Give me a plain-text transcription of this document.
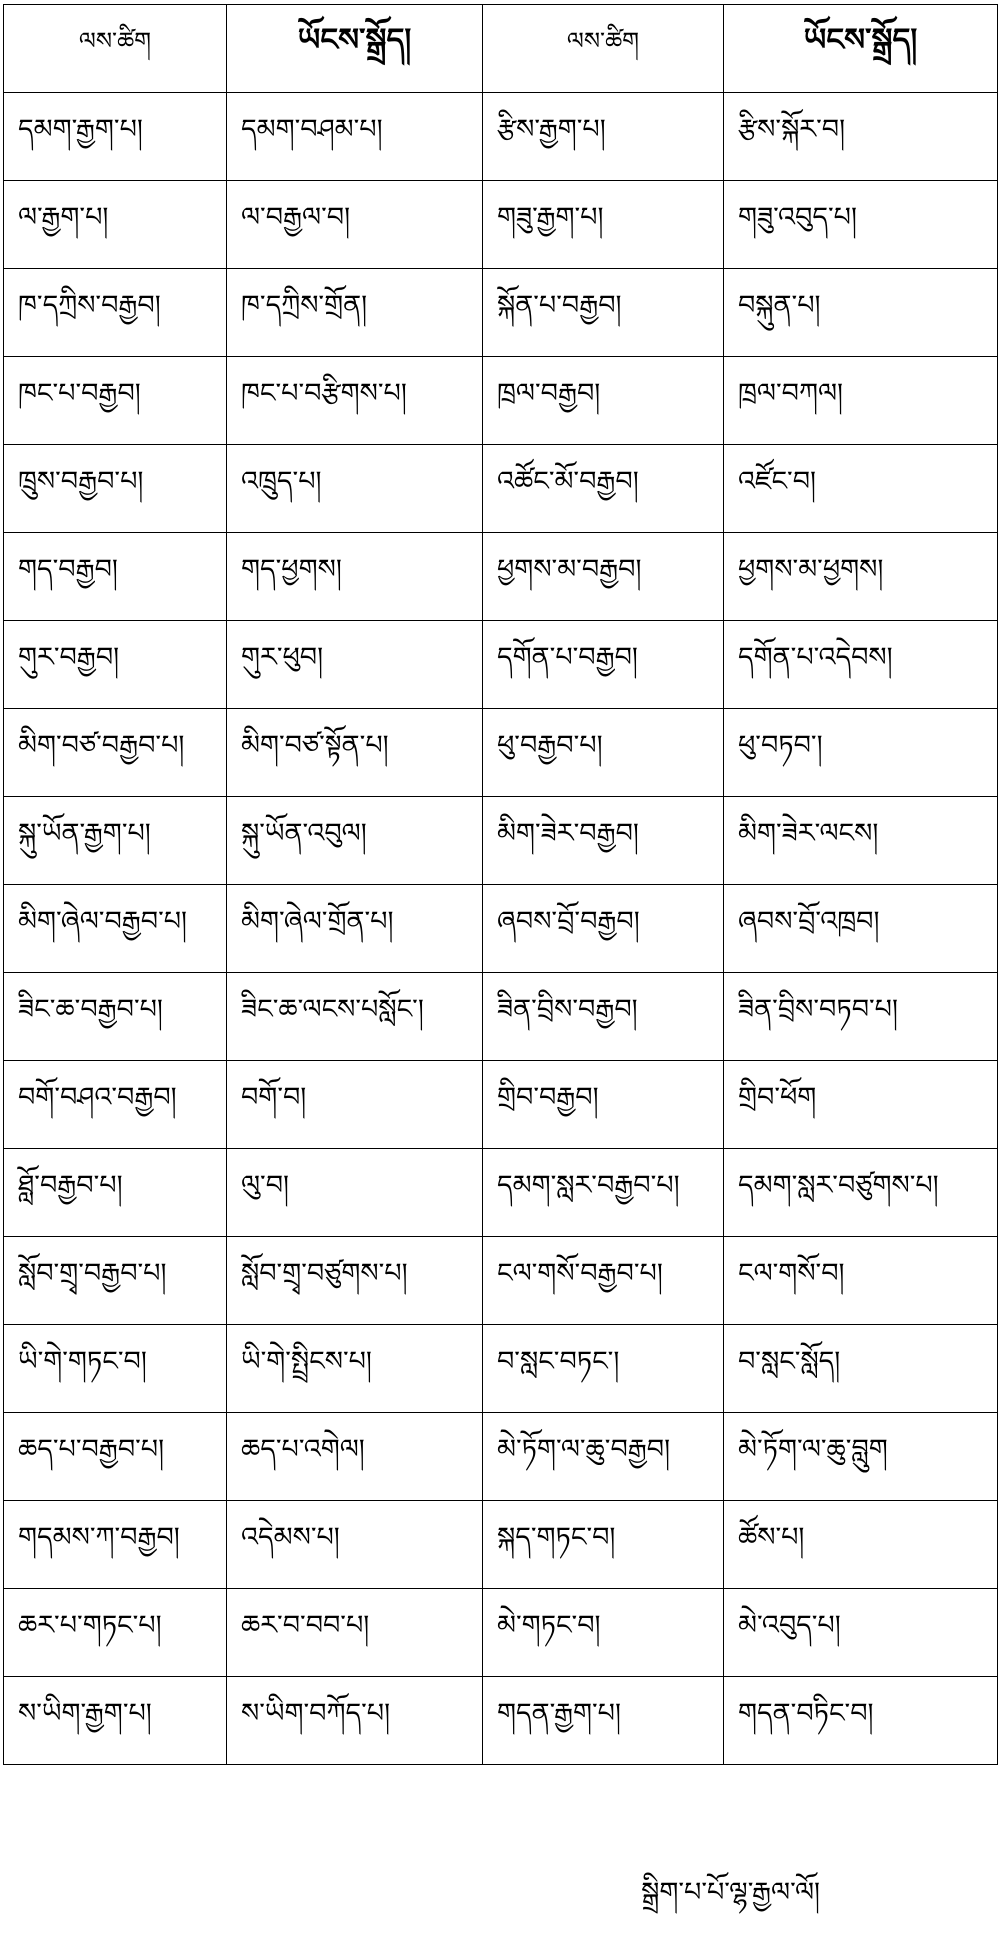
ལས་ཚིག	ཡོངས་སྒྲོད།	ལས་ཚིག	ཡོངས་སྒྲོད།
དམག་རྒྱག་པ།	དམག་བཤམ་པ།	རྩིས་རྒྱག་པ།	རྩིས་སྐོར་བ།
ལ་རྒྱག་པ།	ལ་བརྒྱལ་བ།	གཟུ་རྒྱག་པ།	གཟུ་འབུད་པ།
ཁ་དཀྲིས་བརྒྱབ།	ཁ་དཀྲིས་གྲོན།	སྐོན་པ་བརྒྱབ།	བསྐུན་པ།
ཁང་པ་བརྒྱབ།	ཁང་པ་བརྩིགས་པ།	ཁྲལ་བརྒྱབ།	ཁྲལ་བཀལ།
ཁྲུས་བརྒྱབ་པ།	འཁྲུད་པ།	འཚོང་མོ་བརྒྱབ།	འཛོང་བ།
གད་བརྒྱབ།	གད་ཕྱགས།	ཕྱགས་མ་བརྒྱབ།	ཕྱགས་མ་ཕྱགས།
གུར་བརྒྱབ།	གུར་ཕུབ།	དགོན་པ་བརྒྱབ།	དགོན་པ་འདེབས།
མིག་བཙ་བརྒྱབ་པ།	མིག་བཙ་སྟོན་པ།	ཕུ་བརྒྱབ་པ།	ཕུ་བཏབ་།
སྐུ་ཡོན་རྒྱག་པ།	སྐུ་ཡོན་འབུལ།	མིག་ཟེར་བརྒྱབ།	མིག་ཟེར་ལངས།
མིག་ཞེལ་བརྒྱབ་པ།	མིག་ཞེལ་གྲོན་པ།	ཞབས་བྲོ་བརྒྱབ།	ཞབས་བྲོ་འཁྲབ།
ཟིང་ཆ་བརྒྱབ་པ།	ཟིང་ཆ་ལངས་པསློང་།	ཟིན་བྲིས་བརྒྱབ།	ཟིན་བྲིས་བཏབ་པ།
བགོ་བཤའ་བརྒྱབ།	བགོ་བ།	གྲིབ་བརྒྱབ།	གྲིབ་ཕོག
ཐློ་བརྒྱབ་པ།	ལུ་བ།	དམག་སླར་བརྒྱབ་པ།	དམག་སླར་བཙུགས་པ།
སློབ་གྲྭ་བརྒྱབ་པ།	སློབ་གྲྭ་བཙུགས་པ།	ངལ་གསོ་བརྒྱབ་པ།	ངལ་གསོ་བ།
ཡི་གེ་གཏང་བ།	ཡི་གེ་སྤྲིངས་པ།	བ་སླང་བཏང་།	བ་སླང་སློད།
ཆད་པ་བརྒྱབ་པ།	ཆད་པ་འགེལ།	མེ་ཏོག་ལ་ཆུ་བརྒྱབ།	མེ་ཏོག་ལ་ཆུ་བླུག
གདམས་ཀ་བརྒྱབ།	འདེམས་པ།	སྐད་གཏང་བ།	ཚོས་པ།
ཆར་པ་གཏང་པ།	ཆར་བ་བབ་པ།	མེ་གཏང་བ།	མེ་འབུད་པ།
ས་ཡིག་རྒྱག་པ།	ས་ཡིག་བཀོད་པ།	གདན་རྒྱག་པ།	གདན་བཏིང་བ།
སྒྲིག་པ་པོ་ལྷ་རྒྱལ་ལོ།
